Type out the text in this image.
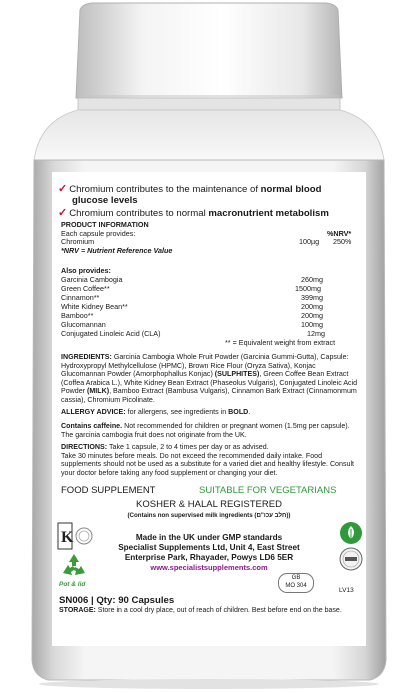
✓ Chromium contributes to the maintenance of normal blood
glucose levels
✓ Chromium contributes to normal macronutrient metabolism
PRODUCT INFORMATION
Each capsule provides:	%NRV*
Chromium	100µg 250%
*NRV = Nutrient Reference Value
Also provides:
Garcinia Cambogia	260mg
Green Coffee**	1500mg
Cinnamon**	399mg
White Kidney Bean**	200mg
Bamboo**	200mg
Glucomannan	100mg
Conjugated Linoleic Acid (CLA)	12mg
** = Equivalent weight from extract
INGREDIENTS: Garcinia Cambogia Whole Fruit Powder (Garcinia Gummi-Gutta), Capsule: Hydroxypropyl Methylcellulose (HPMC), Brown Rice Flour (Oryza Sativa), Konjac Glucomannan Powder (Amorphophallus Konjac) (SULPHITES), Green Coffee Bean Extract (Coffea Arabica L.), White Kidney Bean Extract (Phaseolus Vulgaris), Conjugated Linoleic Acid Powder (MILK), Bamboo Extract (Bambusa Vulgaris), Cinnamon Bark Extract (Cinnamonmum cassia), Chromium Picolinate.
ALLERGY ADVICE: for allergens, see ingredients in BOLD.
Contains caffeine. Not recommended for children or pregnant women (1.5mg per capsule).
The garcinia cambogia fruit does not originate from the UK.
DIRECTIONS: Take 1 capsule, 2 to 4 times per day or as advised.
Take 30 minutes before meals. Do not exceed the recommended daily intake. Food supplements should not be used as a substitute for a varied diet and healthy lifestyle. Consult your doctor before taking any food supplement or changing your diet.
FOOD SUPPLEMENT	SUITABLE FOR VEGETARIANS
KOSHER & HALAL REGISTERED
(Contains non supervised milk ingredients (חלב עכו"ם))
K
Pot & lid
Made in the UK under GMP standards
Specialist Supplements Ltd, Unit 4, East Street
Enterprise Park, Rhayader, Powys LD6 5ER
www.specialistsupplements.com
GB
MO 304
LV13
SN006 | Qty: 90 Capsules
STORAGE: Store in a cool dry place, out of reach of children. Best before end on the base.
